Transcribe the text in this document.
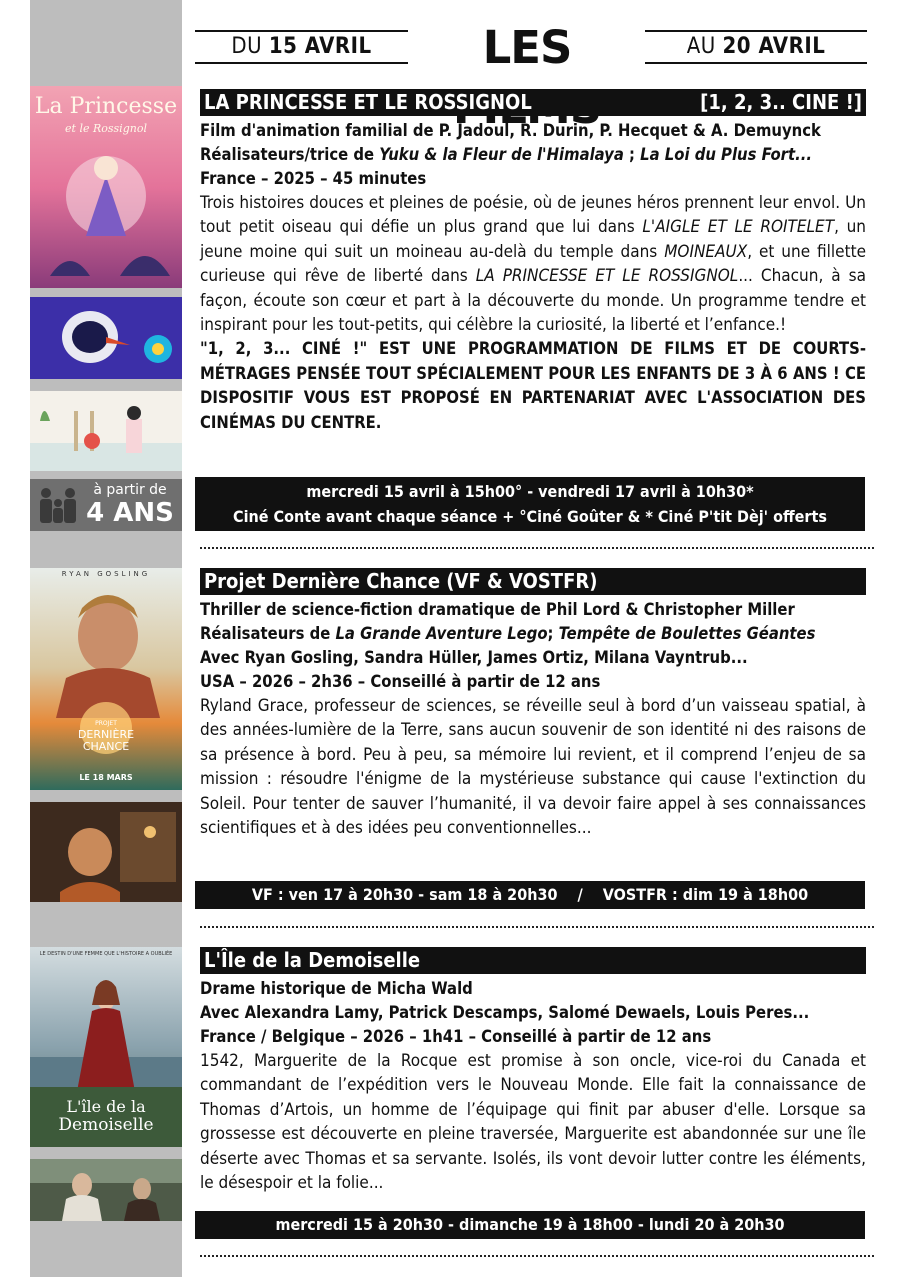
DU 15 AVRIL	LES	AU 20 AVRIL
La Princesse
et le Rossignol
à partir de
4 ANS
LA PRINCESSE ET LE ROSSIGNOL	[1, 2, 3.. CINE !]
Film d'animation familial de P. Jadoul, R. Durin, P. Hecquet & A. Demuynck
Réalisateurs/trice de Yuku & la Fleur de l'Himalaya ; La Loi du Plus Fort...
France – 2025 – 45 minutes
Trois histoires douces et pleines de poésie, où de jeunes héros prennent leur envol. Un tout petit oiseau qui défie un plus grand que lui dans L'AIGLE ET LE ROITELET, un jeune moine qui suit un moineau au-delà du temple dans MOINEAUX, et une fillette curieuse qui rêve de liberté dans LA PRINCESSE ET LE ROSSIGNOL... Chacun, à sa façon, écoute son cœur et part à la découverte du monde. Un programme tendre et inspirant pour les tout-petits, qui célèbre la curiosité, la liberté et l’enfance.!
"1, 2, 3... CINÉ !" EST UNE PROGRAMMATION DE FILMS ET DE COURTS-MÉTRAGES PENSÉE TOUT SPÉCIALEMENT POUR LES ENFANTS DE 3 À 6 ANS ! CE DISPOSITIF VOUS EST PROPOSÉ EN PARTENARIAT AVEC L'ASSOCIATION DES CINÉMAS DU CENTRE.
mercredi 15 avril à 15h00° - vendredi 17 avril à 10h30*
Ciné Conte avant chaque séance + °Ciné Goûter & * Ciné P'tit Dèj' offerts
RYAN GOSLING
PROJET
DERNIÈRE
CHANCE
LE 18 MARS
Projet Dernière Chance (VF & VOSTFR)
Thriller de science-fiction dramatique de Phil Lord & Christopher Miller
Réalisateurs de La Grande Aventure Lego; Tempête de Boulettes Géantes
Avec Ryan Gosling, Sandra Hüller, James Ortiz, Milana Vayntrub...
USA – 2026 – 2h36 – Conseillé à partir de 12 ans
Ryland Grace, professeur de sciences, se réveille seul à bord d’un vaisseau spatial, à des années-lumière de la Terre, sans aucun souvenir de son identité ni des raisons de sa présence à bord. Peu à peu, sa mémoire lui revient, et il comprend l’enjeu de sa mission : résoudre l'énigme de la mystérieuse substance qui cause l'extinction du Soleil. Pour tenter de sauver l’humanité, il va devoir faire appel à ses connaissances scientifiques et à des idées peu conventionnelles...
VF : ven 17 à 20h30 - sam 18 à 20h30    /    VOSTFR : dim 19 à 18h00
LE DESTIN D'UNE FEMME QUE L'HISTOIRE A OUBLIÉE
L'île de la
Demoiselle
L'Île de la Demoiselle
Drame historique de Micha Wald
Avec Alexandra Lamy, Patrick Descamps, Salomé Dewaels, Louis Peres...
France / Belgique – 2026 – 1h41 – Conseillé à partir de 12 ans
1542, Marguerite de la Rocque est promise à son oncle, vice-roi du Canada et commandant de l’expédition vers le Nouveau Monde. Elle fait la connaissance de Thomas d’Artois, un homme de l’équipage qui finit par abuser d'elle. Lorsque sa grossesse est découverte en pleine traversée, Marguerite est abandonnée sur une île déserte avec Thomas et sa servante. Isolés, ils vont devoir lutter contre les éléments, le désespoir et la folie...
mercredi 15 à 20h30 - dimanche 19 à 18h00 - lundi 20 à 20h30
